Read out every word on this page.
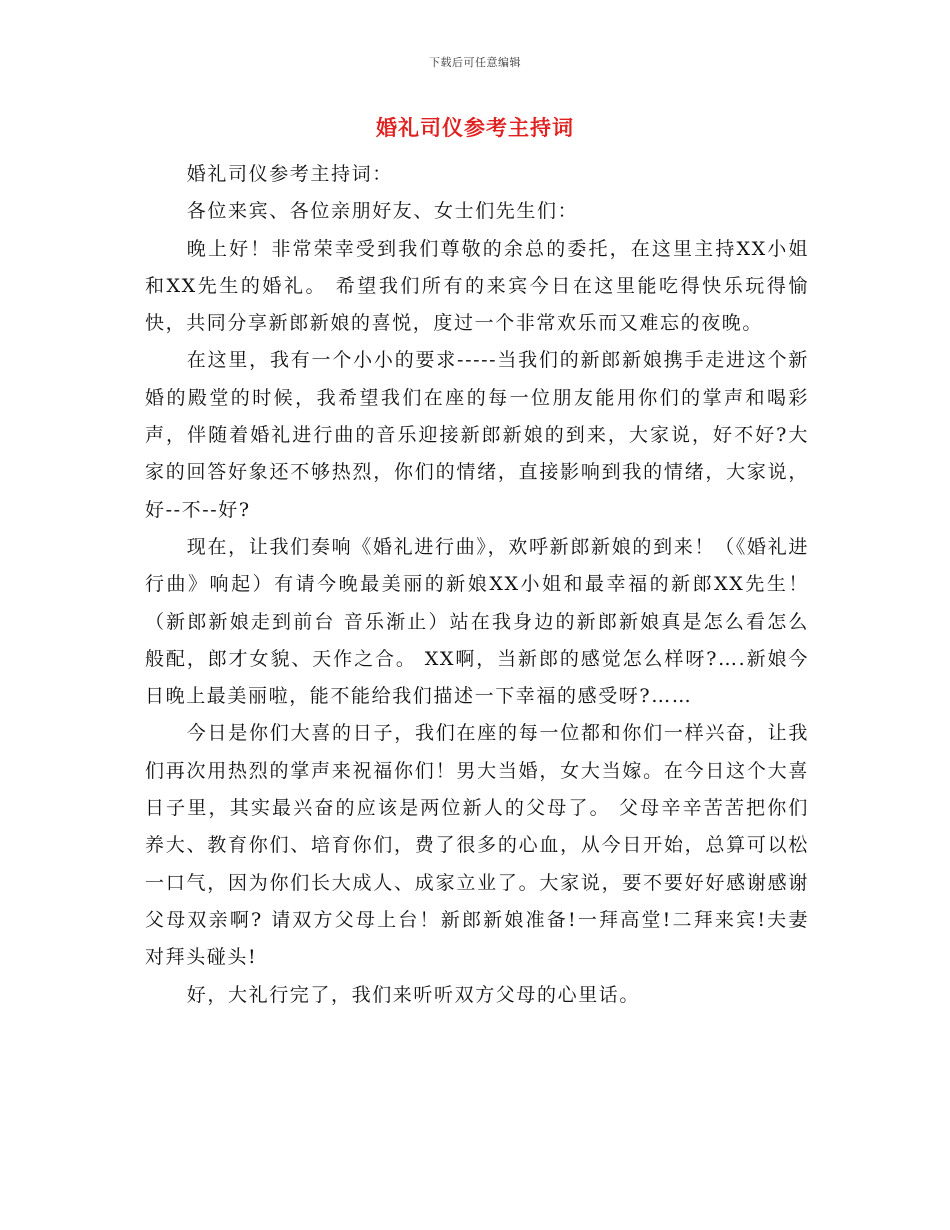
下载后可任意编辑
婚礼司仪参考主持词

婚礼司仪参考主持词：

各位来宾、各位亲朋好友、女士们先生们：

晚上好！非常荣幸受到我们尊敬的余总的委托，在这里主持XX小姐和XX先生的婚礼。 希望我们所有的来宾今日在这里能吃得快乐玩得愉快，共同分享新郎新娘的喜悦，度过一个非常欢乐而又难忘的夜晚。

在这里，我有一个小小的要求-----当我们的新郎新娘携手走进这个新婚的殿堂的时候，我希望我们在座的每一位朋友能用你们的掌声和喝彩声，伴随着婚礼进行曲的音乐迎接新郎新娘的到来，大家说，好不好?大家的回答好象还不够热烈，你们的情绪，直接影响到我的情绪，大家说，好--不--好?

现在，让我们奏响《婚礼进行曲》，欢呼新郎新娘的到来！（《婚礼进行曲》响起）有请今晚最美丽的新娘XX小姐和最幸福的新郎XX先生！（新郎新娘走到前台 音乐渐止）站在我身边的新郎新娘真是怎么看怎么般配，郎才女貌、天作之合。 XX啊，当新郎的感觉怎么样呀?….新娘今日晚上最美丽啦，能不能给我们描述一下幸福的感受呀?……

今日是你们大喜的日子，我们在座的每一位都和你们一样兴奋，让我们再次用热烈的掌声来祝福你们！男大当婚，女大当嫁。在今日这个大喜日子里，其实最兴奋的应该是两位新人的父母了。 父母辛辛苦苦把你们养大、教育你们、培育你们，费了很多的心血，从今日开始，总算可以松一口气，因为你们长大成人、成家立业了。大家说，要不要好好感谢感谢父母双亲啊? 请双方父母上台！新郎新娘准备!一拜高堂!二拜来宾!夫妻对拜头碰头!

好，大礼行完了，我们来听听双方父母的心里话。
